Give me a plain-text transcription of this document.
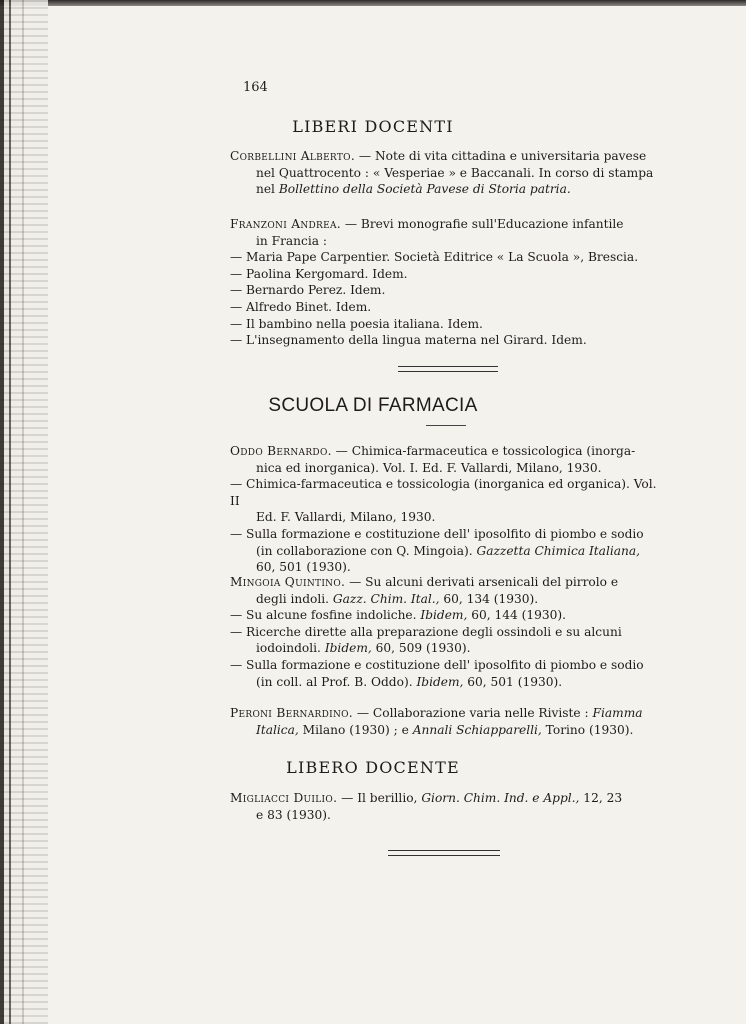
164
LIBERI DOCENTI

Corbellini Alberto. — Note di vita cittadina e universitaria pavese

nel Quattrocento : « Vesperiae » e Baccanali. In corso di stampa

nel Bollettino della Società Pavese di Storia patria.

Franzoni Andrea. — Brevi monografie sull'Educazione infantile

in Francia :

— Maria Pape Carpentier. Società Editrice « La Scuola », Brescia.

— Paolina Kergomard. Idem.

— Bernardo Perez. Idem.

— Alfredo Binet. Idem.

— Il bambino nella poesia italiana. Idem.

— L'insegnamento della lingua materna nel Girard. Idem.

SCUOLA DI FARMACIA

Oddo Bernardo. — Chimica-farmaceutica e tossicologica (inorga-

nica ed inorganica). Vol. I. Ed. F. Vallardi, Milano, 1930.

— Chimica-farmaceutica e tossicologia (inorganica ed organica). Vol. II

Ed. F. Vallardi, Milano, 1930.

— Sulla formazione e costituzione dell' iposolfito di piombo e sodio

(in collaborazione con Q. Mingoia). Gazzetta Chimica Italiana,

60, 501 (1930).

Mingoia Quintino. — Su alcuni derivati arsenicali del pirrolo e

degli indoli. Gazz. Chim. Ital., 60, 134 (1930).

— Su alcune fosfine indoliche. Ibidem, 60, 144 (1930).

— Ricerche dirette alla preparazione degli ossindoli e su alcuni

iodoindoli. Ibidem, 60, 509 (1930).

— Sulla formazione e costituzione dell' iposolfito di piombo e sodio

(in coll. al Prof. B. Oddo). Ibidem, 60, 501 (1930).

Peroni Bernardino. — Collaborazione varia nelle Riviste : Fiamma

Italica, Milano (1930) ; e Annali Schiapparelli, Torino (1930).

LIBERO DOCENTE

Migliacci Duilio. — Il berillio, Giorn. Chim. Ind. e Appl., 12, 23

e 83 (1930).
